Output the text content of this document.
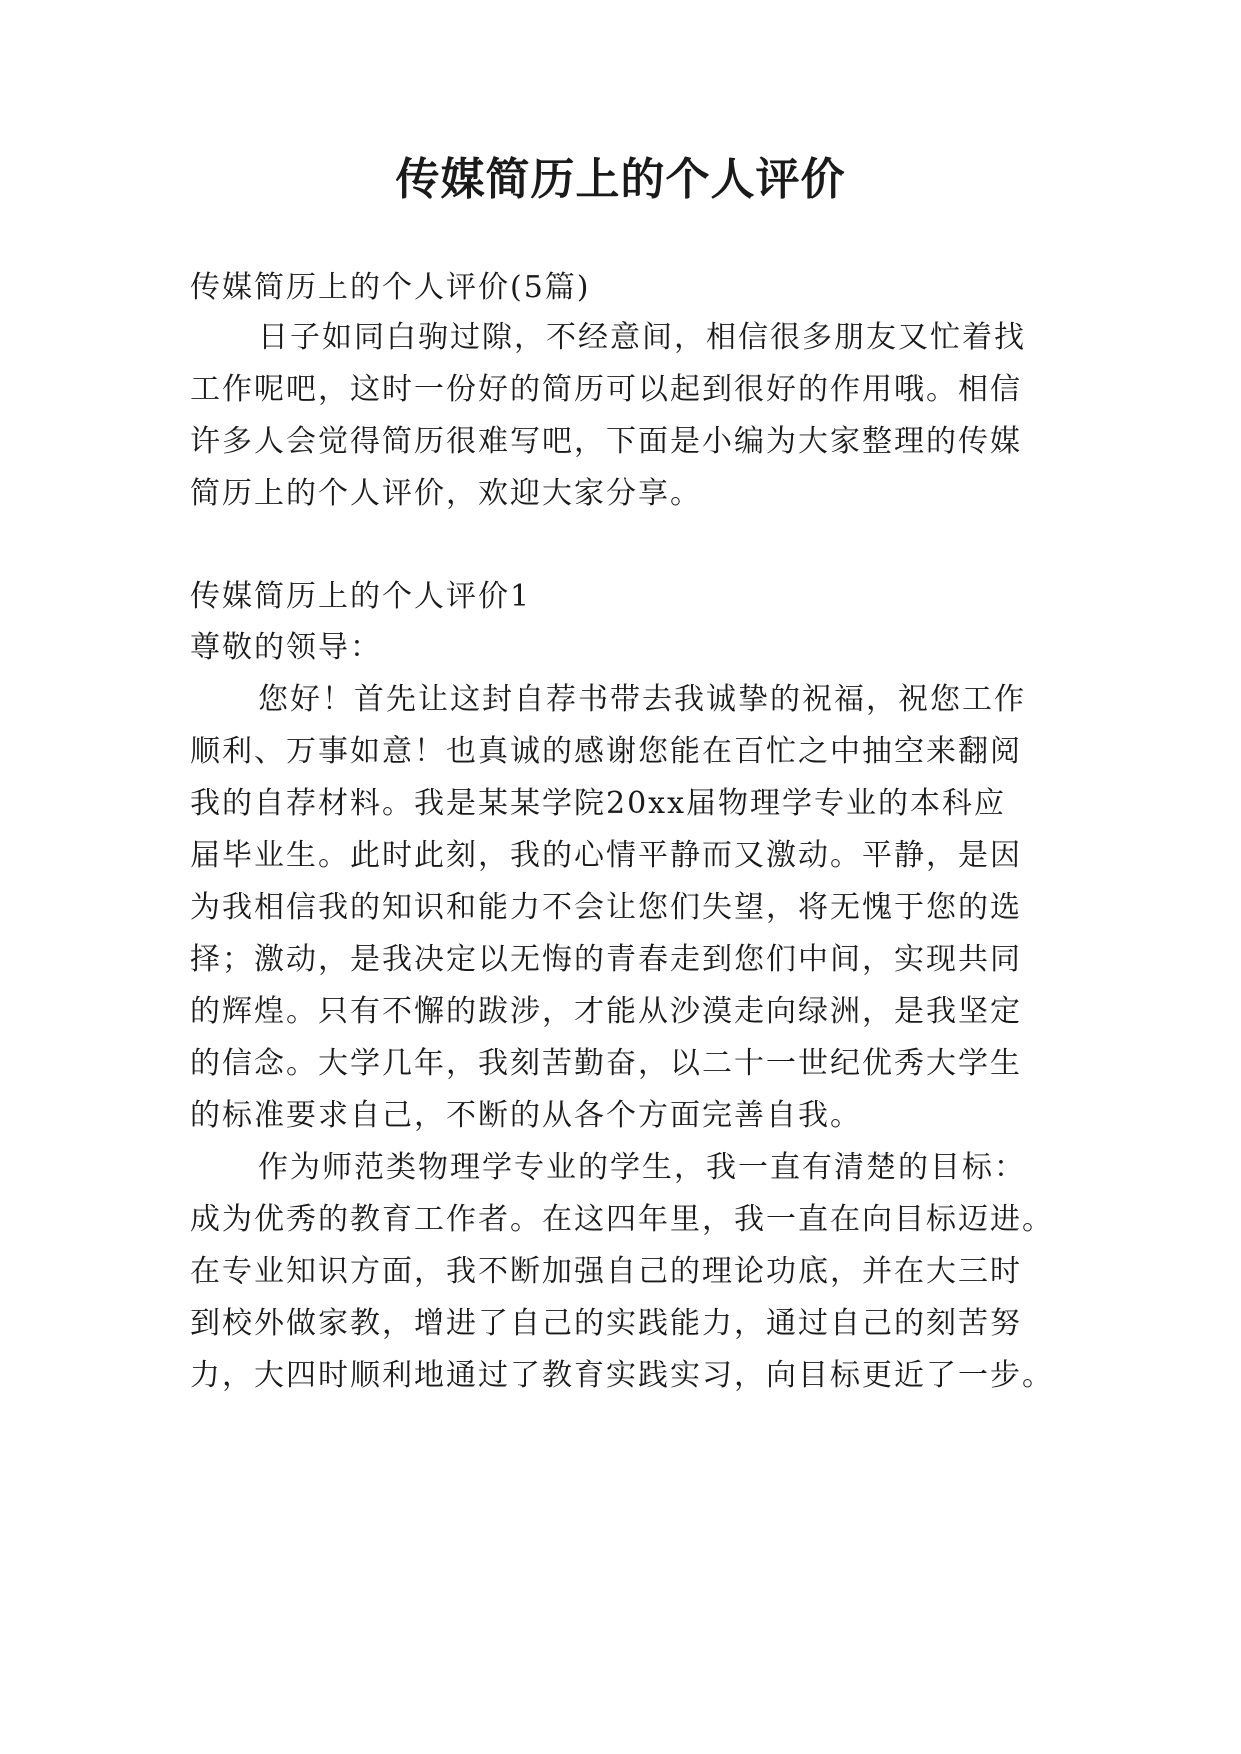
传媒简历上的个人评价

传媒简历上的个人评价(5篇)

日子如同白驹过隙，不经意间，相信很多朋友又忙着找

工作呢吧，这时一份好的简历可以起到很好的作用哦。相信

许多人会觉得简历很难写吧，下面是小编为大家整理的传媒

简历上的个人评价，欢迎大家分享。

传媒简历上的个人评价1

尊敬的领导：

您好！首先让这封自荐书带去我诚挚的祝福，祝您工作

顺利、万事如意！也真诚的感谢您能在百忙之中抽空来翻阅

我的自荐材料。我是某某学院20xx届物理学专业的本科应

届毕业生。此时此刻，我的心情平静而又激动。平静，是因

为我相信我的知识和能力不会让您们失望，将无愧于您的选

择；激动，是我决定以无悔的青春走到您们中间，实现共同

的辉煌。只有不懈的跋涉，才能从沙漠走向绿洲，是我坚定

的信念。大学几年，我刻苦勤奋，以二十一世纪优秀大学生

的标准要求自己，不断的从各个方面完善自我。

作为师范类物理学专业的学生，我一直有清楚的目标：

成为优秀的教育工作者。在这四年里，我一直在向目标迈进。

在专业知识方面，我不断加强自己的理论功底，并在大三时

到校外做家教，增进了自己的实践能力，通过自己的刻苦努

力，大四时顺利地通过了教育实践实习，向目标更近了一步。
